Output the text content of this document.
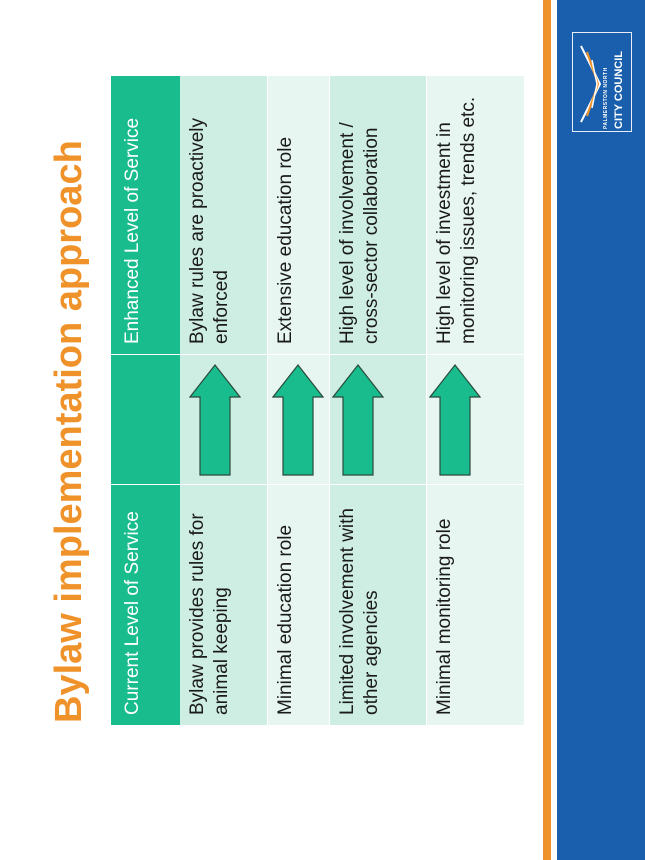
PALMERSTON NORTH CITY COUNCIL
Bylaw implementation approach	Current Level of Service
Enhanced Level of Service
Bylaw provides rules for animal keeping
Bylaw rules are proactively enforced
Minimal education role
Extensive education role
Limited involvement with other agencies
High level of involvement / cross-sector collaboration
Minimal monitoring role
High level of investment in monitoring issues, trends etc.
